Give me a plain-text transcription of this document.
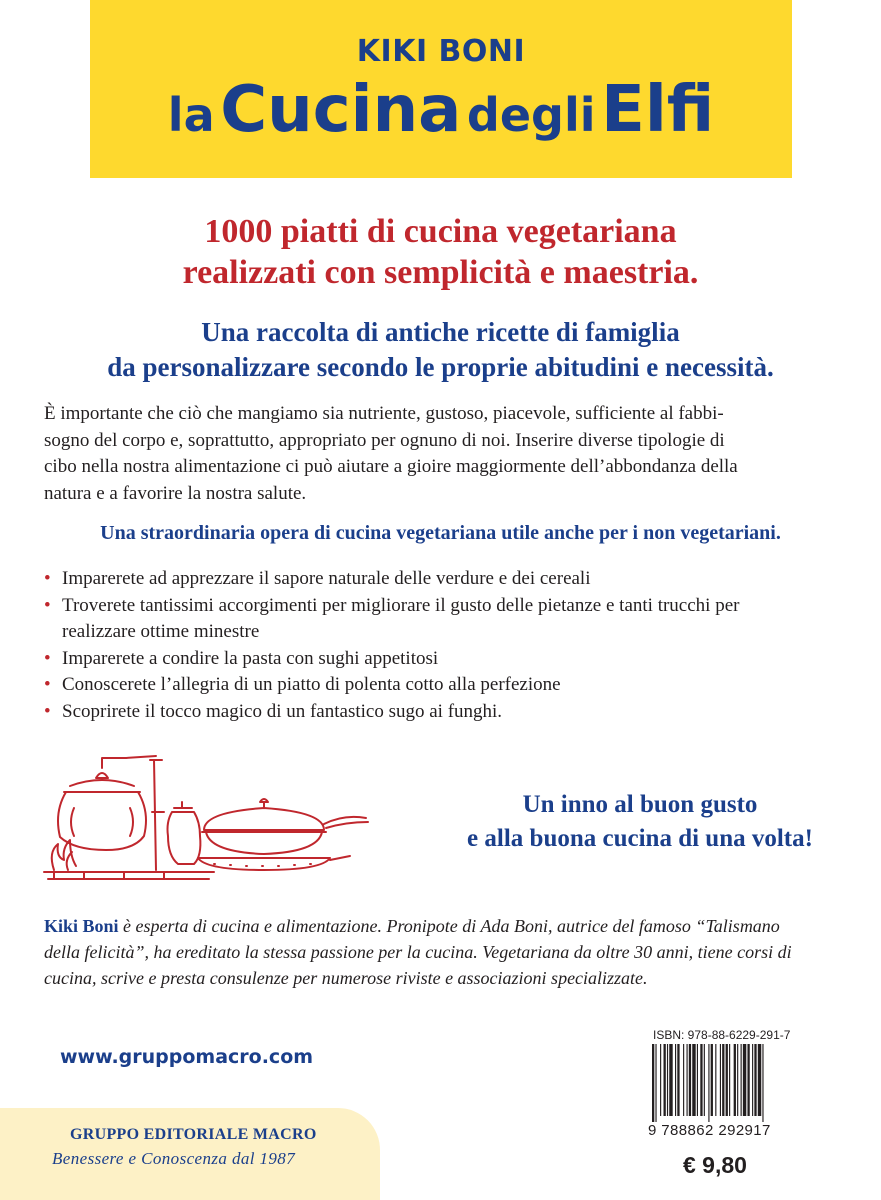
KIKI BONI
la Cucina degli Elfi
1000 piatti di cucina vegetariana
realizzati con semplicità e maestria.
Una raccolta di antiche ricette di famiglia
da personalizzare secondo le proprie abitudini e necessità.
È importante che ciò che mangiamo sia nutriente, gustoso, piacevole, sufficiente al fabbi-
sogno del corpo e, soprattutto, appropriato per ognuno di noi. Inserire diverse tipologie di
cibo nella nostra alimentazione ci può aiutare a gioire maggiormente dell’abbondanza della
natura e a favorire la nostra salute.
Una straordinaria opera di cucina vegetariana utile anche per i non vegetariani.
• Imparerete ad apprezzare il sapore naturale delle verdure e dei cereali
• Troverete tantissimi accorgimenti per migliorare il gusto delle pietanze e tanti trucchi per
realizzare ottime minestre
• Imparerete a condire la pasta con sughi appetitosi
• Conoscerete l’allegria di un piatto di polenta cotto alla perfezione
• Scoprirete il tocco magico di un fantastico sugo ai funghi.
Un inno al buon gusto
e alla buona cucina di una volta!
Kiki Boni è esperta di cucina e alimentazione. Pronipote di Ada Boni, autrice del famoso “Talismano
della felicità”, ha ereditato la stessa passione per la cucina. Vegetariana da oltre 30 anni, tiene corsi di
cucina, scrive e presta consulenze per numerose riviste e associazioni specializzate.
www.gruppomacro.com
GRUPPO EDITORIALE MACRO
Benessere e Conoscenza dal 1987
ISBN: 978-88-6229-291-7
9 788862 292917
€ 9,80
